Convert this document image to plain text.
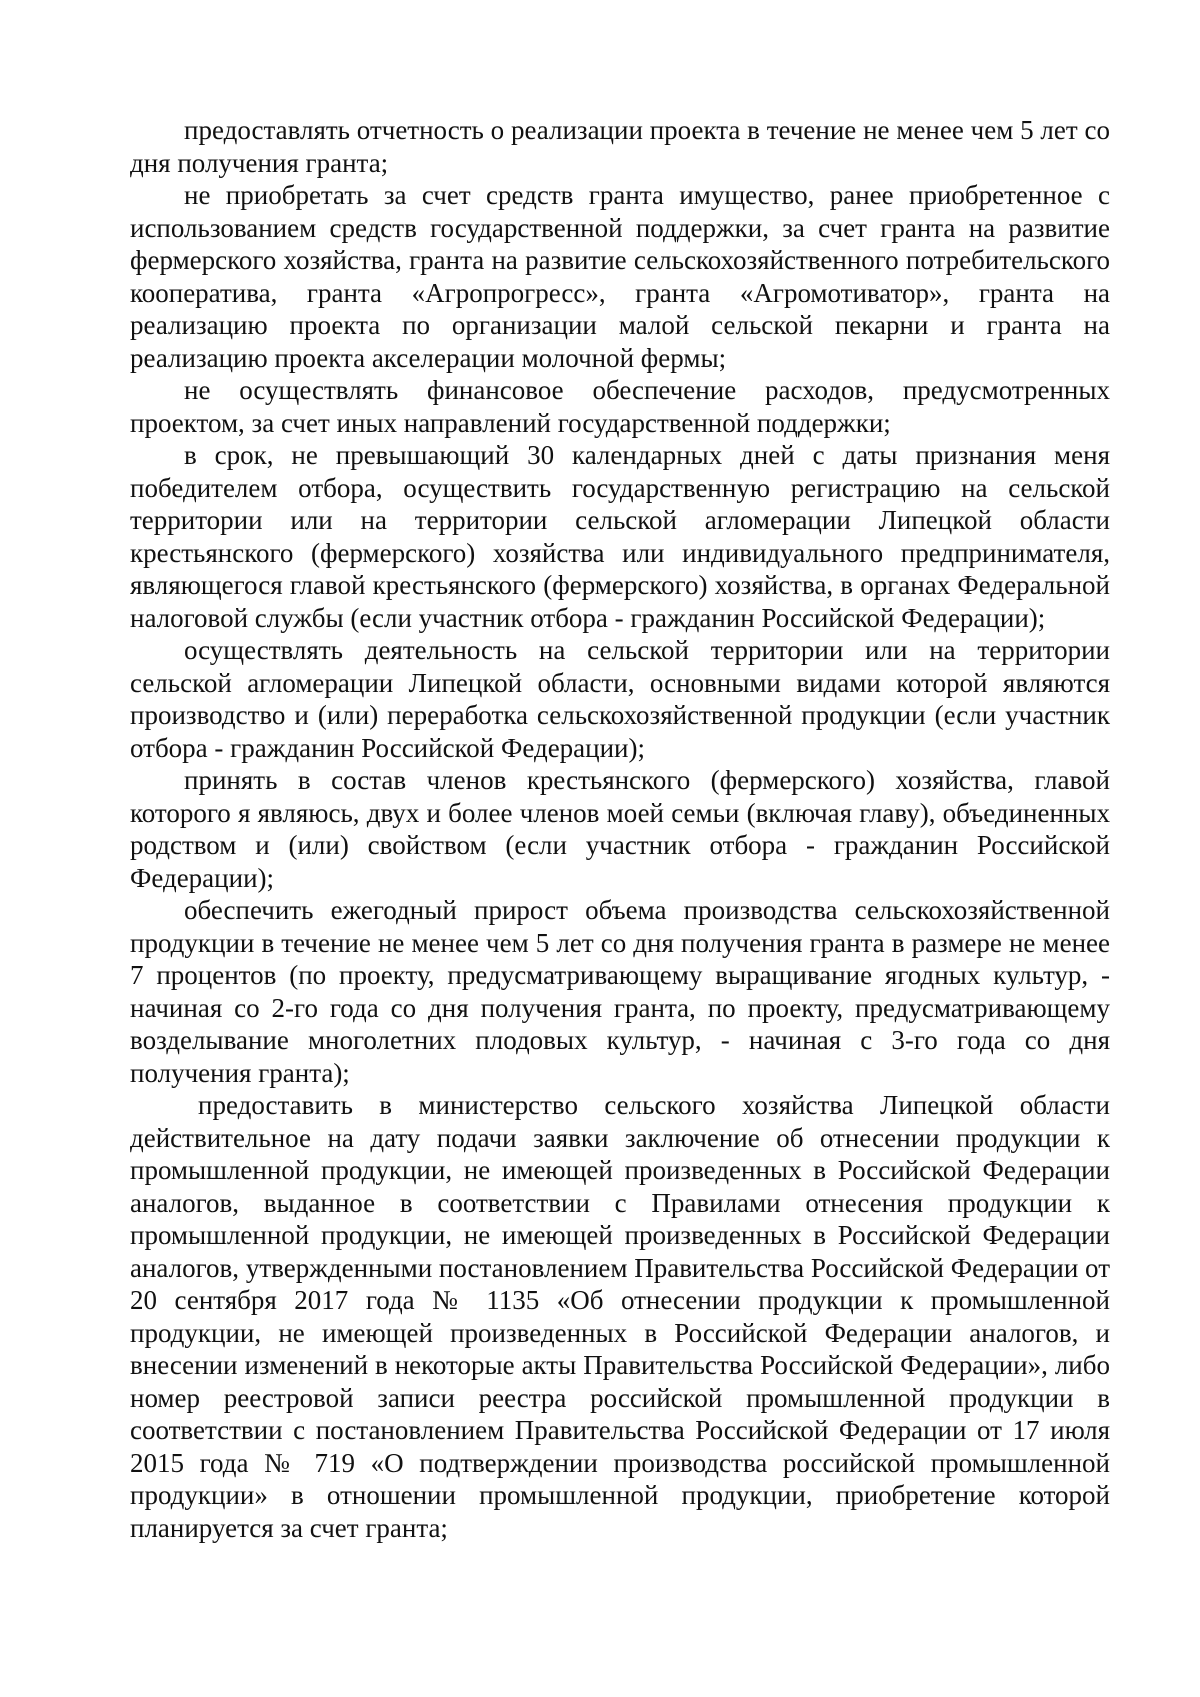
предоставлять отчетность о реализации проекта в течение не менее чем 5 лет со дня получения гранта;

не приобретать за счет средств гранта имущество, ранее приобретенное с использованием средств государственной поддержки, за счет гранта на развитие фермерского хозяйства, гранта на развитие сельскохозяйственного потребительского кооператива, гранта «Агропрогресс», гранта «Агромотиватор», гранта на реализацию проекта по организации малой сельской пекарни и гранта на реализацию проекта акселерации молочной фермы;

не осуществлять финансовое обеспечение расходов, предусмотренных проектом, за счет иных направлений государственной поддержки;

в срок, не превышающий 30 календарных дней с даты признания меня победителем отбора, осуществить государственную регистрацию на сельской территории или на территории сельской агломерации Липецкой области крестьянского (фермерского) хозяйства или индивидуального предпринимателя, являющегося главой крестьянского (фермерского) хозяйства, в органах Федеральной налоговой службы (если участник отбора - гражданин Российской Федерации);

осуществлять деятельность на сельской территории или на территории сельской агломерации Липецкой области, основными видами которой являются производство и (или) переработка сельскохозяйственной продукции (если участник отбора - гражданин Российской Федерации);

принять в состав членов крестьянского (фермерского) хозяйства, главой которого я являюсь, двух и более членов моей семьи (включая главу), объединенных родством и (или) свойством (если участник отбора - гражданин Российской Федерации);

обеспечить ежегодный прирост объема производства сельскохозяйственной продукции в течение не менее чем 5 лет со дня получения гранта в размере не менее 7 процентов (по проекту, предусматривающему выращивание ягодных культур, - начиная со 2-го года со дня получения гранта, по проекту, предусматривающему возделывание многолетних плодовых культур, - начиная с 3-го года со дня получения гранта);

предоставить в министерство сельского хозяйства Липецкой области действительное на дату подачи заявки заключение об отнесении продукции к промышленной продукции, не имеющей произведенных в Российской Федерации аналогов, выданное в соответствии с Правилами отнесения продукции к промышленной продукции, не имеющей произведенных в Российской Федерации аналогов, утвержденными постановлением Правительства Российской Федерации от 20 сентября 2017 года № 1135 «Об отнесении продукции к промышленной продукции, не имеющей произведенных в Российской Федерации аналогов, и внесении изменений в некоторые акты Правительства Российской Федерации», либо номер реестровой записи реестра российской промышленной продукции в соответствии с постановлением Правительства Российской Федерации от 17 июля 2015 года № 719 «О подтверждении производства российской промышленной продукции» в отношении промышленной продукции, приобретение которой планируется за счет гранта;
